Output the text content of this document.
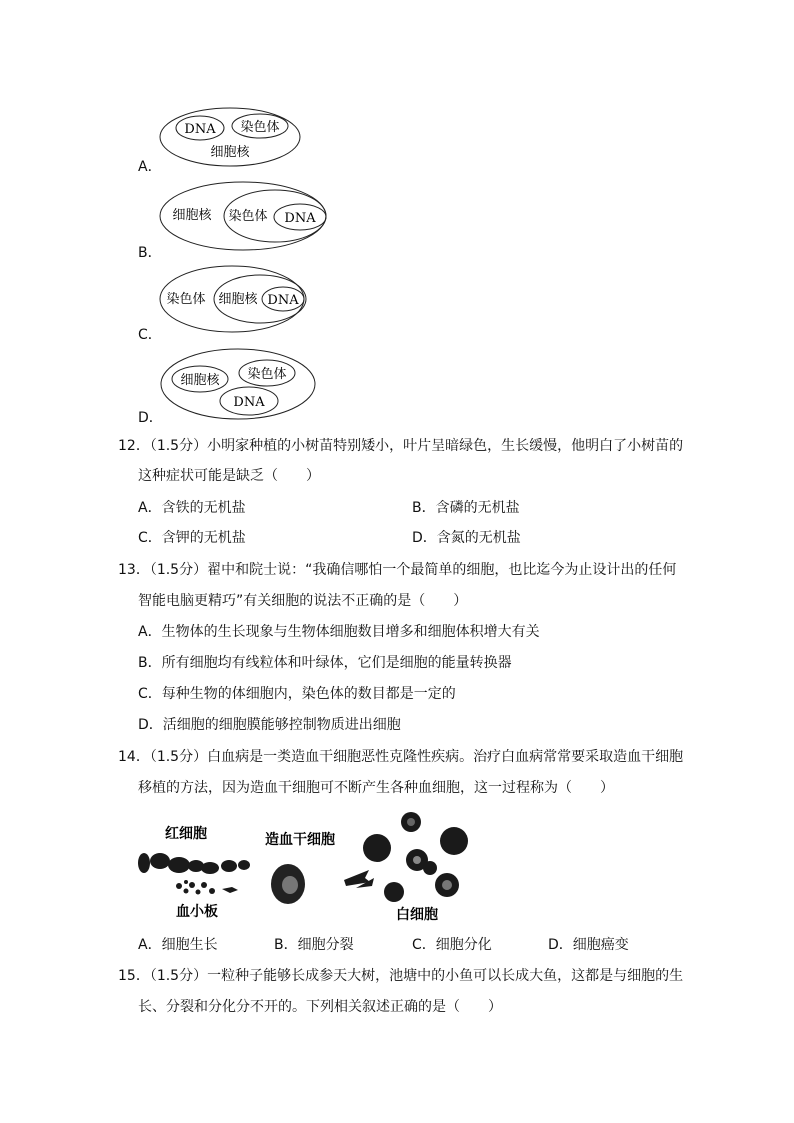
A．
DNA 染色体
细胞核
B．
细胞核 染色体 DNA
C．
染色体 细胞核 DNA
D．
细胞核 染色体
DNA
12．（1.5分）小明家种植的小树苗特别矮小，叶片呈暗绿色，生长缓慢，他明白了小树苗的
这种症状可能是缺乏（　　）
A．含铁的无机盐	B．含磷的无机盐
C．含钾的无机盐	D．含氮的无机盐
13．（1.5分）翟中和院士说：“我确信哪怕一个最简单的细胞，也比迄今为止设计出的任何
智能电脑更精巧”有关细胞的说法不正确的是（　　）
A．生物体的生长现象与生物体细胞数目增多和细胞体积增大有关
B．所有细胞均有线粒体和叶绿体，它们是细胞的能量转换器
C．每种生物的体细胞内，染色体的数目都是一定的
D．活细胞的细胞膜能够控制物质进出细胞
14．（1.5分）白血病是一类造血干细胞恶性克隆性疾病。治疗白血病常常要采取造血干细胞
移植的方法，因为造血干细胞可不断产生各种血细胞，这一过程称为（　　）
红细胞	造血干细胞
血小板	白细胞
A．细胞生长	B．细胞分裂	C．细胞分化	D．细胞癌变
15．（1.5分）一粒种子能够长成参天大树，池塘中的小鱼可以长成大鱼，这都是与细胞的生
长、分裂和分化分不开的。下列相关叙述正确的是（　　）
